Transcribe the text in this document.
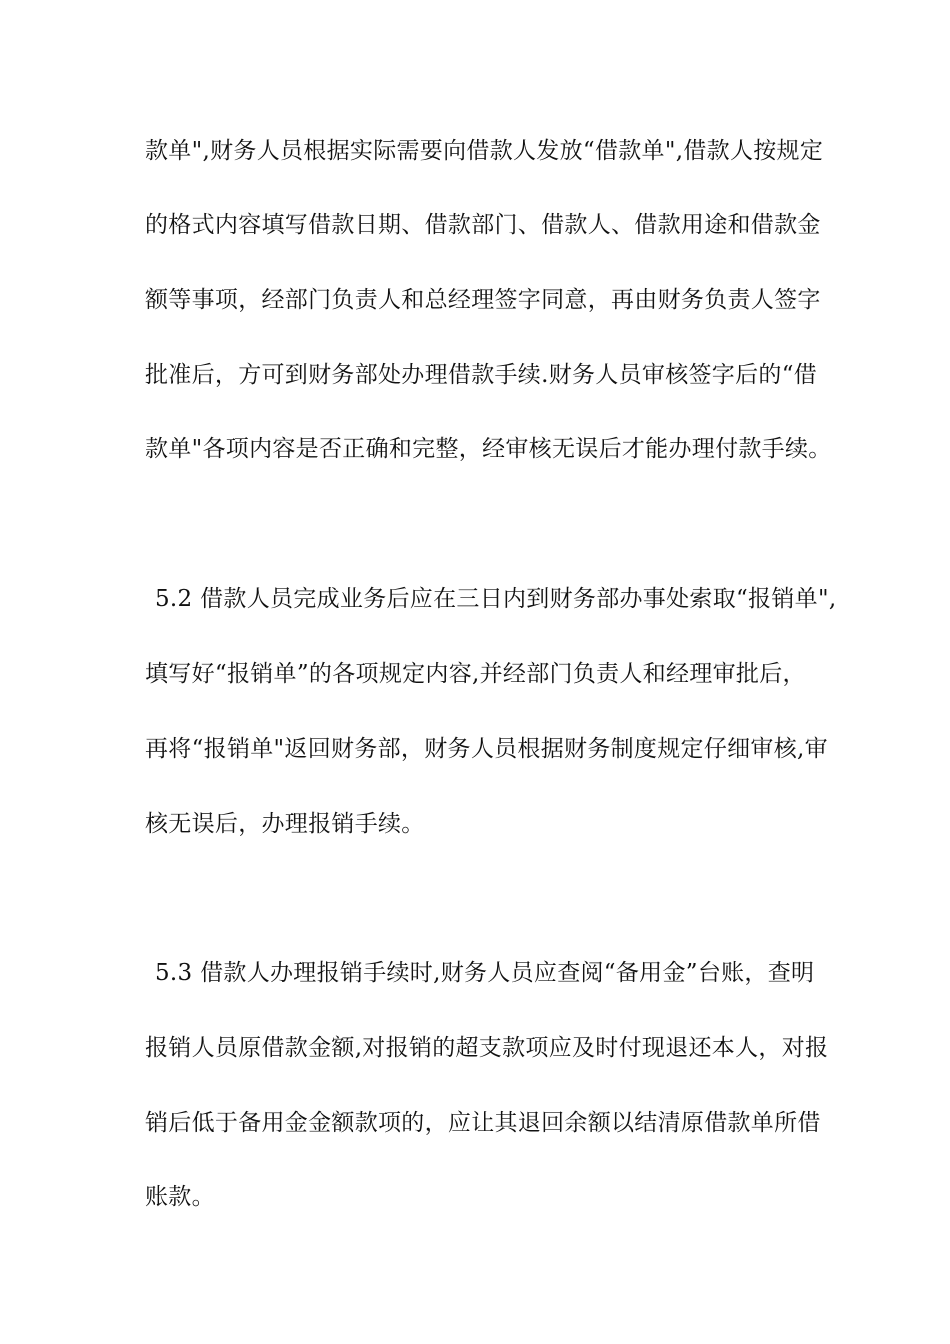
款单",财务人员根据实际需要向借款人发放“借款单",借款人按规定
的格式内容填写借款日期、借款部门、借款人、借款用途和借款金
额等事项，经部门负责人和总经理签字同意，再由财务负责人签字
批准后，方可到财务部处办理借款手续.财务人员审核签字后的“借
款单"各项内容是否正确和完整，经审核无误后才能办理付款手续。
5.2 借款人员完成业务后应在三日内到财务部办事处索取“报销单",
填写好“报销单”的各项规定内容,并经部门负责人和经理审批后，
再将“报销单"返回财务部，财务人员根据财务制度规定仔细审核,审
核无误后，办理报销手续。
5.3 借款人办理报销手续时,财务人员应查阅“备用金”台账，查明
报销人员原借款金额,对报销的超支款项应及时付现退还本人，对报
销后低于备用金金额款项的，应让其退回余额以结清原借款单所借
账款。
